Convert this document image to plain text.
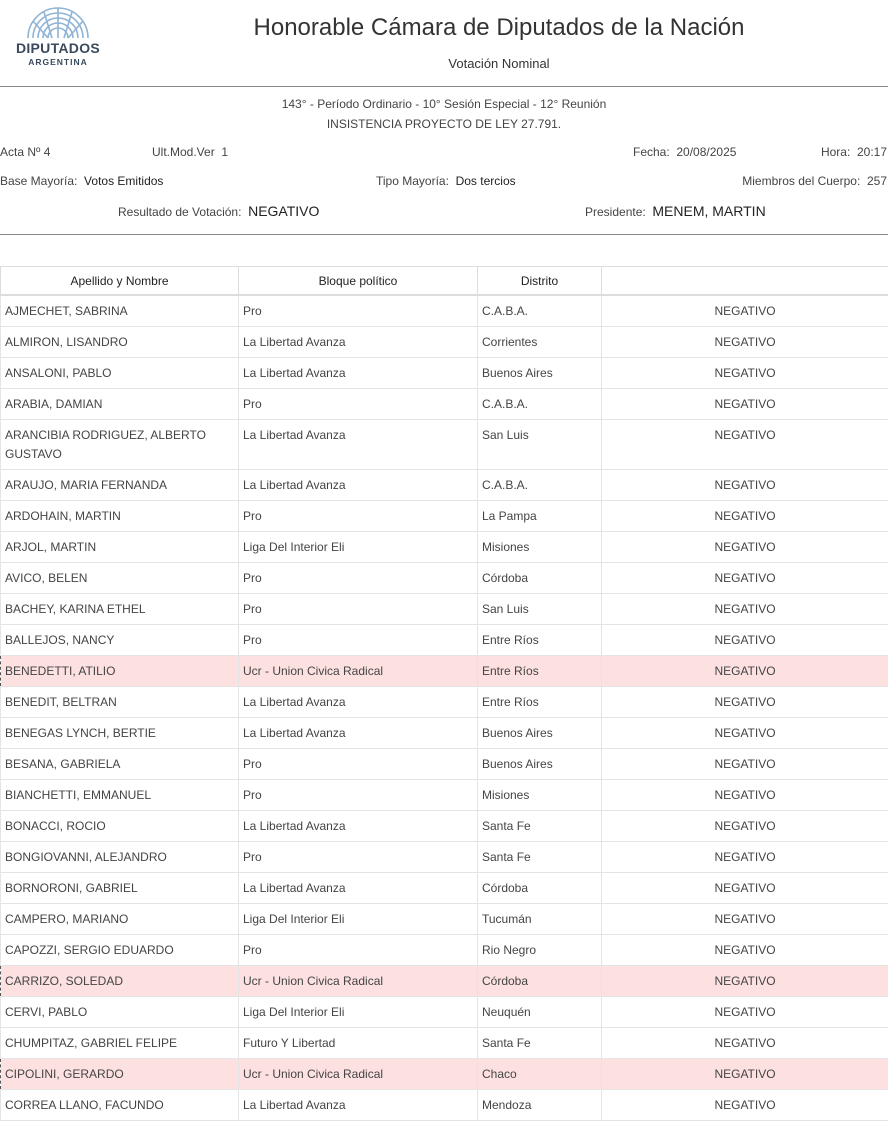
DIPUTADOS
ARGENTINA
Honorable Cámara de Diputados de la Nación
Votación Nominal
143° - Período Ordinario - 10° Sesión Especial - 12° Reunión
INSISTENCIA PROYECTO DE LEY 27.791.
Acta Nº 4	Ult.Mod.Ver 1	Fecha: 20/08/2025	Hora: 20:17
Base Mayoría: Votos Emitidos	Tipo Mayoría: Dos tercios	Miembros del Cuerpo: 257
Resultado de Votación: NEGATIVO	Presidente: MENEM, MARTIN
Apellido y Nombre	Bloque político	Distrito	
AJMECHET, SABRINA	Pro	C.A.B.A.	NEGATIVO
ALMIRON, LISANDRO	La Libertad Avanza	Corrientes	NEGATIVO
ANSALONI, PABLO	La Libertad Avanza	Buenos Aires	NEGATIVO
ARABIA, DAMIAN	Pro	C.A.B.A.	NEGATIVO
ARANCIBIA RODRIGUEZ, ALBERTO GUSTAVO	La Libertad Avanza	San Luis	NEGATIVO
ARAUJO, MARIA FERNANDA	La Libertad Avanza	C.A.B.A.	NEGATIVO
ARDOHAIN, MARTIN	Pro	La Pampa	NEGATIVO
ARJOL, MARTIN	Liga Del Interior Eli	Misiones	NEGATIVO
AVICO, BELEN	Pro	Córdoba	NEGATIVO
BACHEY, KARINA ETHEL	Pro	San Luis	NEGATIVO
BALLEJOS, NANCY	Pro	Entre Ríos	NEGATIVO
BENEDETTI, ATILIO	Ucr - Union Civica Radical	Entre Ríos	NEGATIVO
BENEDIT, BELTRAN	La Libertad Avanza	Entre Ríos	NEGATIVO
BENEGAS LYNCH, BERTIE	La Libertad Avanza	Buenos Aires	NEGATIVO
BESANA, GABRIELA	Pro	Buenos Aires	NEGATIVO
BIANCHETTI, EMMANUEL	Pro	Misiones	NEGATIVO
BONACCI, ROCIO	La Libertad Avanza	Santa Fe	NEGATIVO
BONGIOVANNI, ALEJANDRO	Pro	Santa Fe	NEGATIVO
BORNORONI, GABRIEL	La Libertad Avanza	Córdoba	NEGATIVO
CAMPERO, MARIANO	Liga Del Interior Eli	Tucumán	NEGATIVO
CAPOZZI, SERGIO EDUARDO	Pro	Rio Negro	NEGATIVO
CARRIZO, SOLEDAD	Ucr - Union Civica Radical	Córdoba	NEGATIVO
CERVI, PABLO	Liga Del Interior Eli	Neuquén	NEGATIVO
CHUMPITAZ, GABRIEL FELIPE	Futuro Y Libertad	Santa Fe	NEGATIVO
CIPOLINI, GERARDO	Ucr - Union Civica Radical	Chaco	NEGATIVO
CORREA LLANO, FACUNDO	La Libertad Avanza	Mendoza	NEGATIVO
